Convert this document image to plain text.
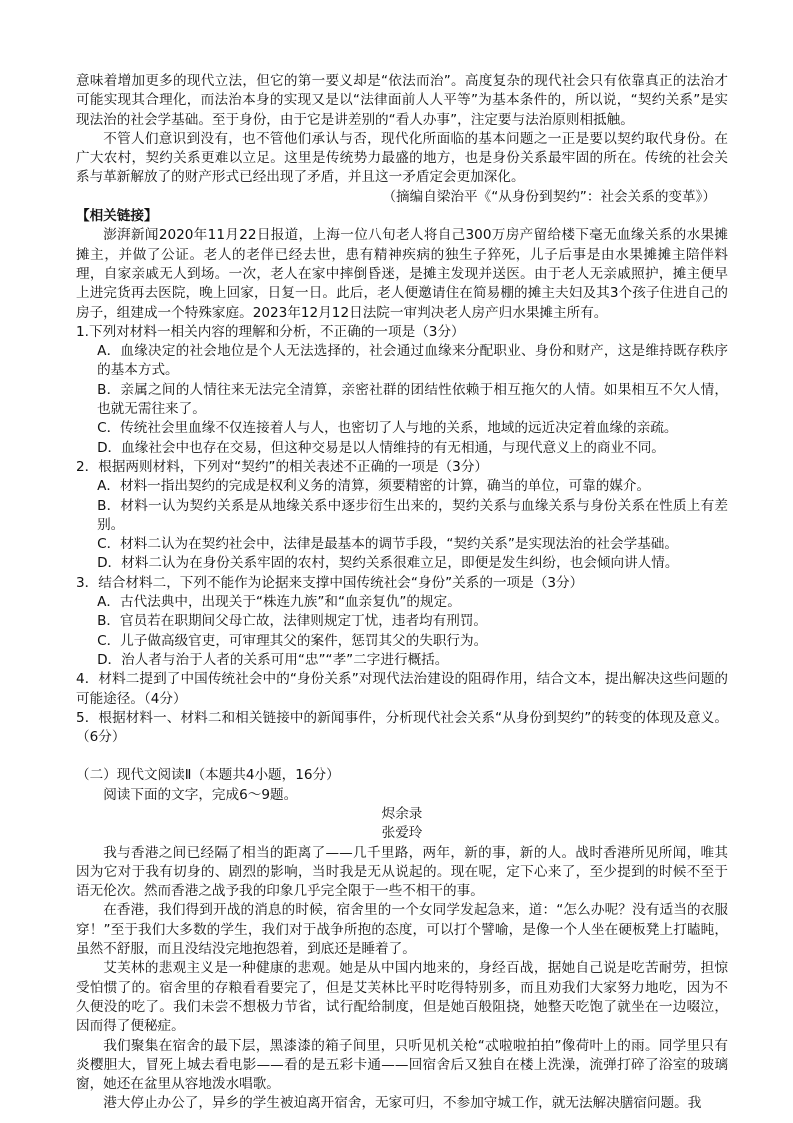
意味着增加更多的现代立法，但它的第一要义却是“依法而治”。高度复杂的现代社会只有依靠真正的法治才可能实现其合理化，而法治本身的实现又是以“法律面前人人平等”为基本条件的，所以说，“契约关系”是实现法治的社会学基础。至于身份，由于它是讲差别的“看人办事”，注定要与法治原则相抵触。

不管人们意识到没有，也不管他们承认与否，现代化所面临的基本问题之一正是要以契约取代身份。在广大农村，契约关系更难以立足。这里是传统势力最盛的地方，也是身份关系最牢固的所在。传统的社会关系与革新解放了的财产形式已经出现了矛盾，并且这一矛盾定会更加深化。

（摘编自梁治平《“从身份到契约”：社会关系的变革》）

【相关链接】

澎湃新闻2020年11月22日报道，上海一位八旬老人将自己300万房产留给楼下毫无血缘关系的水果摊摊主，并做了公证。老人的老伴已经去世，患有精神疾病的独生子猝死，儿子后事是由水果摊摊主陪伴料理，自家亲戚无人到场。一次，老人在家中摔倒昏迷，是摊主发现并送医。由于老人无亲戚照护，摊主便早上进完货再去医院，晚上回家，日复一日。此后，老人便邀请住在简易棚的摊主夫妇及其3个孩子住进自己的房子，组建成一个特殊家庭。2023年12月12日法院一审判决老人房产归水果摊主所有。

1.下列对材料一相关内容的理解和分析，不正确的一项是（3分）

A．血缘决定的社会地位是个人无法选择的，社会通过血缘来分配职业、身份和财产，这是维持既存秩序的基本方式。

B．亲属之间的人情往来无法完全清算，亲密社群的团结性依赖于相互拖欠的人情。如果相互不欠人情，也就无需往来了。

C．传统社会里血缘不仅连接着人与人，也密切了人与地的关系，地域的远近决定着血缘的亲疏。

D．血缘社会中也存在交易，但这种交易是以人情维持的有无相通，与现代意义上的商业不同。

2．根据两则材料，下列对“契约”的相关表述不正确的一项是（3分）

A．材料一指出契约的完成是权利义务的清算，须要精密的计算，确当的单位，可靠的媒介。

B．材料一认为契约关系是从地缘关系中逐步衍生出来的，契约关系与血缘关系与身份关系在性质上有差别。

C．材料二认为在契约社会中，法律是最基本的调节手段，“契约关系”是实现法治的社会学基础。

D．材料二认为在身份关系牢固的农村，契约关系很难立足，即便是发生纠纷，也会倾向讲人情。

3．结合材料二，下列不能作为论据来支撑中国传统社会“身份”关系的一项是（3分）

A．古代法典中，出现关于“株连九族”和“血亲复仇”的规定。

B．官员若在职期间父母亡故，法律则规定丁忧，违者均有刑罚。

C．儿子做高级官吏，可审理其父的案件，惩罚其父的失职行为。

D．治人者与治于人者的关系可用“忠”“孝”二字进行概括。

4．材料二提到了中国传统社会中的“身份关系”对现代法治建设的阻碍作用，结合文本，提出解决这些问题的可能途径。（4分）

5．根据材料一、材料二和相关链接中的新闻事件，分析现代社会关系“从身份到契约”的转变的体现及意义。（6分）

（二）现代文阅读Ⅱ（本题共4小题，16分）

阅读下面的文字，完成6～9题。

烬余录

张爱玲

我与香港之间已经隔了相当的距离了——几千里路，两年，新的事，新的人。战时香港所见所闻，唯其因为它对于我有切身的、剧烈的影响，当时我是无从说起的。现在呢，定下心来了，至少提到的时候不至于语无伦次。然而香港之战予我的印象几乎完全限于一些不相干的事。

在香港，我们得到开战的消息的时候，宿舍里的一个女同学发起急来，道：“怎么办呢？没有适当的衣服穿！”至于我们大多数的学生，我们对于战争所抱的态度，可以打个譬喻，是像一个人坐在硬板凳上打瞌盹，虽然不舒服，而且没结没完地抱怨着，到底还是睡着了。

艾芙林的悲观主义是一种健康的悲观。她是从中国内地来的，身经百战，据她自己说是吃苦耐劳，担惊受怕惯了的。宿舍里的存粮看看要完了，但是艾芙林比平时吃得特别多，而且劝我们大家努力地吃，因为不久便没的吃了。我们未尝不想极力节省，试行配给制度，但是她百般阻挠，她整天吃饱了就坐在一边啜泣，因而得了便秘症。

我们聚集在宿舍的最下层，黑漆漆的箱子间里，只听见机关枪“忒啦啦拍拍”像荷叶上的雨。同学里只有炎樱胆大，冒死上城去看电影——看的是五彩卡通——回宿舍后又独自在楼上洗澡，流弹打碎了浴室的玻璃窗，她还在盆里从容地泼水唱歌。

港大停止办公了，异乡的学生被迫离开宿舍，无家可归，不参加守城工作，就无法解决膳宿问题。我
